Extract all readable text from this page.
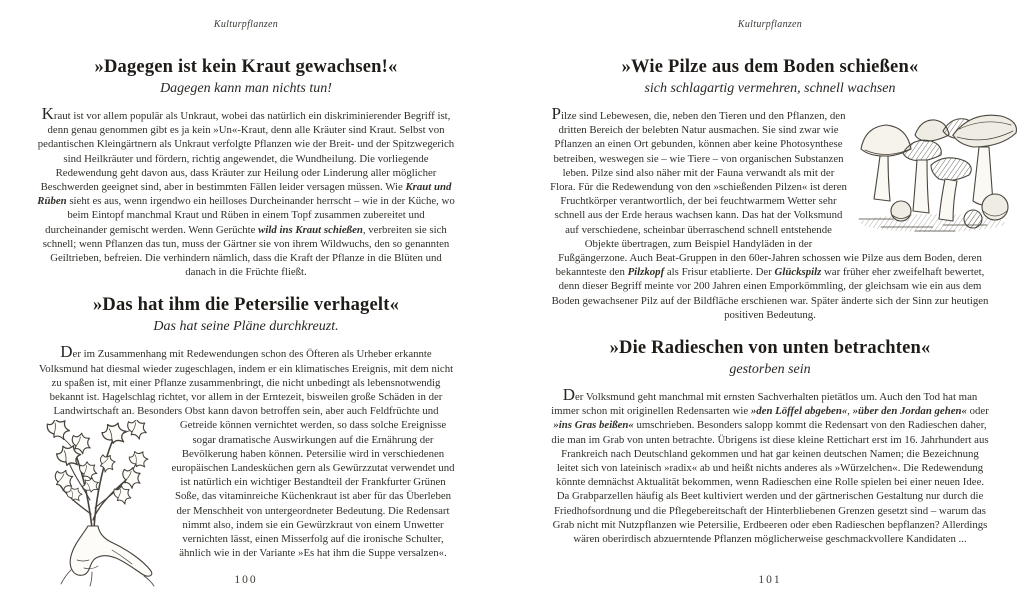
Kulturpflanzen
»Dagegen ist kein Kraut gewachsen!«
Dagegen kann man nichts tun!

Kraut ist vor allem populär als Unkraut, wobei das natürlich ein diskriminierender Begriff ist, denn genau genommen gibt es ja kein »Un«-Kraut, denn alle Kräuter sind Kraut. Selbst von pedantischen Kleingärtnern als Unkraut verfolgte Pflanzen wie der Breit- und der Spitzwegerich sind Heilkräuter und fördern, richtig angewendet, die Wundheilung. Die vorliegende Redewendung geht davon aus, dass Kräuter zur Heilung oder Linderung aller möglicher Beschwerden geeignet sind, aber in bestimmten Fällen leider versagen müssen. Wie Kraut und Rüben sieht es aus, wenn irgendwo ein heilloses Durcheinander herrscht – wie in der Küche, wo beim Eintopf manchmal Kraut und Rüben in einem Topf zusammen zubereitet und durcheinander gemischt werden. Wenn Gerüchte wild ins Kraut schießen, verbreiten sie sich schnell; wenn Pflanzen das tun, muss der Gärtner sie von ihrem Wildwuchs, den so genannten Geiltrieben, befreien. Die verhindern nämlich, dass die Kraft der Pflanze in die Blüten und danach in die Früchte fließt.

»Das hat ihm die Petersilie verhagelt«
Das hat seine Pläne durchkreuzt.

Der im Zusammenhang mit Redewendungen schon des Öfteren als Urheber erkannte Volksmund hat diesmal wieder zugeschlagen, indem er ein klimatisches Ereignis, mit dem nicht zu spaßen ist, mit einer Pflanze zusammenbringt, die nicht unbedingt als lebensnotwendig bekannt ist. Hagelschlag richtet, vor allem in der Erntezeit, bisweilen große Schäden in der Landwirtschaft an. Besonders Obst kann davon betroffen sein, aber auch Feldfrüchte und
Getreide können vernichtet werden, so dass solche Ereignisse sogar dramatische Auswirkungen auf die Ernährung der Bevölkerung haben können. Petersilie wird in verschiedenen europäischen Landesküchen gern als Gewürzzutat verwendet und ist natürlich ein wichtiger Bestandteil der Frankfurter Grünen Soße, das vitaminreiche Küchenkraut ist aber für das Überleben der Menschheit von untergeordneter Bedeutung. Die Redensart nimmt also, indem sie ein Gewürzkraut von einem Unwetter vernichten lässt, einen Misserfolg auf die ironische Schulter, ähnlich wie in der Variante »Es hat ihm die Suppe versalzen«.

100
Kulturpflanzen
»Wie Pilze aus dem Boden schießen«
sich schlagartig vermehren, schnell wachsen

Pilze sind Lebewesen, die, neben den Tieren und den Pflanzen, den dritten Bereich der belebten Natur ausmachen. Sie sind zwar wie Pflanzen an einen Ort gebunden, können aber keine Photosynthese betreiben, weswegen sie – wie Tiere – von organischen Substanzen leben. Pilze sind also näher mit der Fauna verwandt als mit der Flora. Für die Redewendung von den »schießenden Pilzen« ist deren Fruchtkörper verantwortlich, der bei feuchtwarmem Wetter sehr schnell aus der Erde heraus wachsen kann. Das hat der Volksmund auf verschiedene, scheinbar überraschend schnell entstehende Objekte übertragen, zum Beispiel Handyläden in der Fußgängerzone. Auch Beat-Gruppen in den 60er-Jahren schossen wie Pilze aus dem Boden, deren bekannteste den Pilzkopf als Frisur etablierte. Der Glückspilz war früher eher zweifelhaft bewertet, denn dieser Begriff meinte vor 200 Jahren einen Emporkömmling, der gleichsam wie ein aus dem Boden gewachsener Pilz auf der Bildfläche erschienen war. Später änderte sich der Sinn zur heutigen positiven Bedeutung.

»Die Radieschen von unten betrachten«
gestorben sein

Der Volksmund geht manchmal mit ernsten Sachverhalten pietätlos um. Auch den Tod hat man immer schon mit originellen Redensarten wie »den Löffel abgeben«, »über den Jordan gehen« oder »ins Gras beißen« umschrieben. Besonders salopp kommt die Redensart von den Radieschen daher, die man im Grab von unten betrachte. Übrigens ist diese kleine Rettichart erst im 16. Jahrhundert aus Frankreich nach Deutschland gekommen und hat gar keinen deutschen Namen; die Bezeichnung leitet sich von lateinisch »radix« ab und heißt nichts anderes als »Würzelchen«. Die Redewendung könnte demnächst Aktualität bekommen, wenn Radieschen eine Rolle spielen bei einer neuen Idee. Da Grabparzellen häufig als Beet kultiviert werden und der gärtnerischen Gestaltung nur durch die Friedhofsordnung und die Pflegebereitschaft der Hinterbliebenen Grenzen gesetzt sind – warum das Grab nicht mit Nutzpflanzen wie Petersilie, Erdbeeren oder eben Radieschen bepflanzen? Allerdings wären oberirdisch abzuerntende Pflanzen möglicherweise geschmackvollere Kandidaten ...

101
